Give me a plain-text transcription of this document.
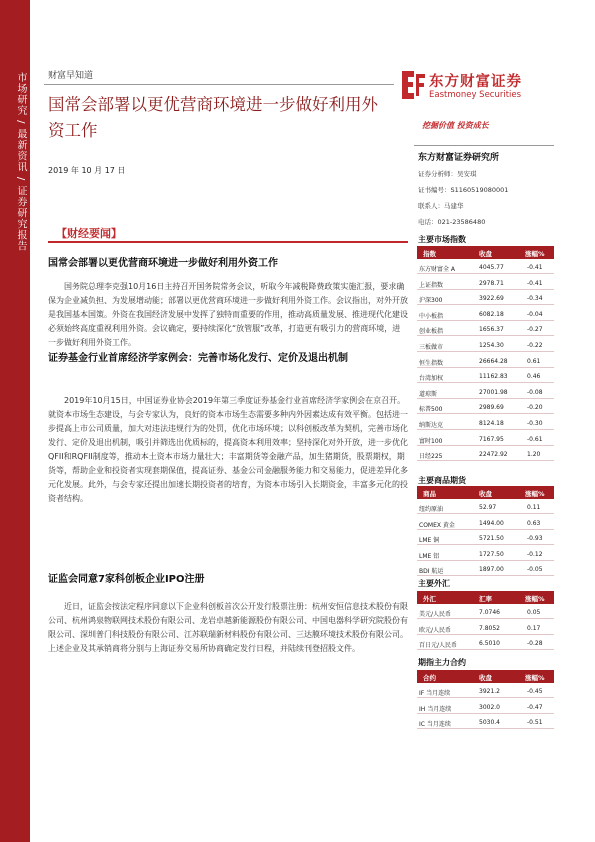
市场研究 / 最新资讯 / 证券研究报告 财富早知道
国常会部署以更优营商环境进一步做好利用外资工作
2019 年 10 月 17 日
东方财富证券
Eastmoney Securities
挖掘价值 投资成长
东方财富证券研究所
证券分析师：吴安琪
证书编号：S1160519080001
联系人：马建华
电话：021-23586480
【财经要闻】
国常会部署以更优营商环境进一步做好利用外资工作
国务院总理李克强10月16日主持召开国务院常务会议，听取今年减税降费政策实施汇报，要求确保为企业减负担、为发展增动能；部署以更优营商环境进一步做好利用外资工作。会议指出，对外开放是我国基本国策。外资在我国经济发展中发挥了独特而重要的作用，推动高质量发展、推进现代化建设必须始终高度重视利用外资。会议确定，要持续深化“放管服”改革，打造更有吸引力的营商环境，进一步做好利用外资工作。
证券基金行业首席经济学家例会：完善市场化发行、定价及退出机制
2019年10月15日，中国证券业协会2019年第三季度证券基金行业首席经济学家例会在京召开。 就资本市场生态建设，与会专家认为，良好的资本市场生态需要多种内外因素达成有效平衡。包括进一步提高上市公司质量，加大对违法违规行为的处罚，优化市场环境；以科创板改革为契机，完善市场化发行、定价及退出机制，吸引并筛选出优质标的，提高资本利用效率；坚持深化对外开放，进一步优化QFII和RQFII制度等，推动本土资本市场力量壮大；丰富期货等金融产品，加生猪期货，股票期权，期货等，帮助企业和投资者实现套期保值，提高证券、基金公司金融服务能力和交易能力，促进差异化多元化发展。此外，与会专家还提出加速长期投资者的培育，为资本市场引入长期资金，丰富多元化的投资者结构。
证监会同意7家科创板企业IPO注册
近日，证监会按法定程序同意以下企业科创板首次公开发行股票注册：杭州安恒信息技术股份有限公司、杭州鸿泉物联网技术股份有限公司、龙岩卓越新能源股份有限公司、中国电器科学研究院股份有限公司、深圳普门科技股份有限公司、江苏联瑞新材料股份有限公司、三达膜环境技术股份有限公司。上述企业及其承销商将分别与上海证券交易所协商确定发行日程，并陆续刊登招股文件。
主要市场指数
指数	收盘	涨幅%
东方财富全 A	4045.77	-0.41
上证指数	2978.71	-0.41
沪深300	3922.69	-0.34
中小板指	6082.18	-0.04
创业板指	1656.37	-0.27
三板做市	1254.30	-0.22
恒生指数	26664.28	0.61
台湾加权	11162.83	0.46
道琼斯	27001.98	-0.08
标普500	2989.69	-0.20
纳斯达克	8124.18	-0.30
富时100	7167.95	-0.61
日经225	22472.92	1.20
主要商品期货
商品	收盘	涨幅%
纽约原油	52.97	0.11
COMEX 黄金	1494.00	0.63
LME 铜	5721.50	-0.93
LME 铝	1727.50	-0.12
BDI 航运	1897.00	-0.05
主要外汇
外汇	汇率	涨幅%
美元/人民币	7.0746	0.05
欧元/人民币	7.8052	0.17
百日元/人民币	6.5010	-0.28
期指主力合约
合约	收盘	涨幅%
IF 当月连续	3921.2	-0.45
IH 当月连续	3002.0	-0.47
IC 当月连续	5030.4	-0.51
